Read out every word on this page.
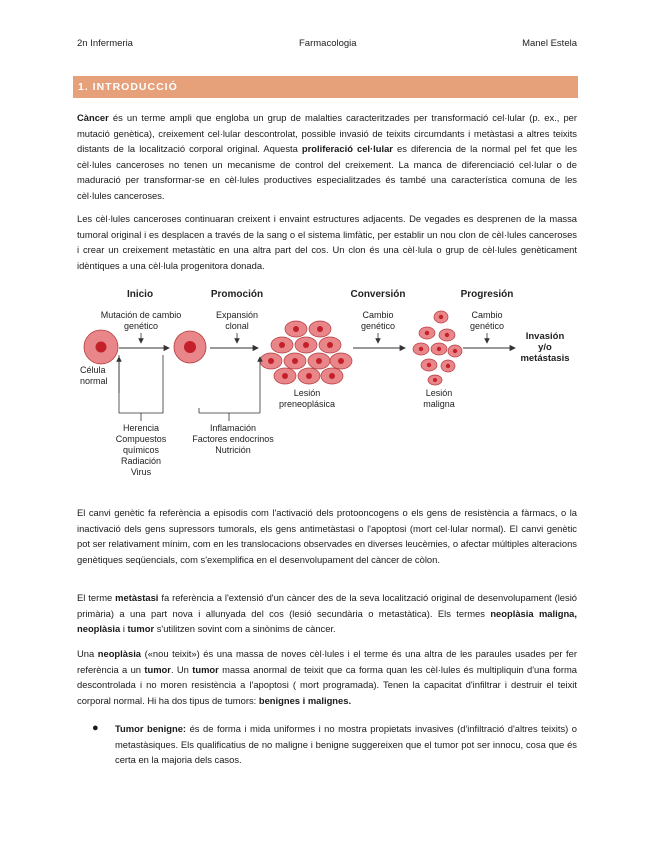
2n Infermeria	Farmacologia	Manel Estela
1. INTRODUCCIÓ

Càncer és un terme ampli que engloba un grup de malalties caracteritzades per transformació cel·lular (p. ex., per mutació genètica), creixement cel·lular descontrolat, possible invasió de teixits circumdants i metàstasi a altres teixits distants de la localització corporal original. Aquesta proliferació cel·lular es diferencia de la normal pel fet que les cèl·lules canceroses no tenen un mecanisme de control del creixement. La manca de diferenciació cel·lular o de maduració per transformar-se en cèl·lules productives especialitzades és també una característica comuna de les cèl·lules canceroses.

Les cèl·lules canceroses continuaran creixent i envaint estructures adjacents. De vegades es desprenen de la massa tumoral original i es desplacen a través de la sang o el sistema limfàtic, per establir un nou clon de cèl·lules canceroses i crear un creixement metastàtic en una altra part del cos. Un clon és una cèl·lula o grup de cèl·lules genèticament idèntiques a una cèl·lula progenitora donada.

Inicio	Promoción	Conversión	Progresión
Mutación de cambio
genético
Expansión
clonal
Cambio
genético
Cambio
genético
Célula
normal
Lesión
preneoplásica
Lesión
maligna
Invasión
y/o
metástasis
Herencia
Compuestos
químicos
Radiación
Virus
Inflamación
Factores endocrinos
Nutrición

El canvi genètic fa referència a episodis com l'activació dels protooncogens o els gens de resistència a fàrmacs, o la inactivació dels gens supressors tumorals, els gens antimetàstasi o l'apoptosi (mort cel·lular normal). El canvi genètic pot ser relativament mínim, com en les translocacions observades en diverses leucèmies, o afectar múltiples alteracions genètiques seqüencials, com s'exemplifica en el desenvolupament del càncer de còlon.

El terme metàstasi fa referència a l'extensió d'un càncer des de la seva localització original de desenvolupament (lesió primària) a una part nova i allunyada del cos (lesió secundària o metastàtica). Els termes neoplàsia maligna, neoplàsia i tumor s'utilitzen sovint com a sinònims de càncer.

Una neoplàsia («nou teixit») és una massa de noves cèl·lules i el terme és una altra de les paraules usades per fer referència a un tumor. Un tumor massa anormal de teixit que ca forma quan les cèl·lules és multipliquin d'una forma descontrolada i no moren resistència a l'apoptosi ( mort programada). Tenen la capacitat d'infiltrar i destruir el teixit corporal normal. Hi ha dos tipus de tumors: benignes i malignes.

● Tumor benigne: és de forma i mida uniformes i no mostra propietats invasives (d'infiltració d'altres teixits) o metastàsiques. Els qualificatius de no maligne i benigne suggereixen que el tumor pot ser innocu, cosa que és certa en la majoria dels casos.
